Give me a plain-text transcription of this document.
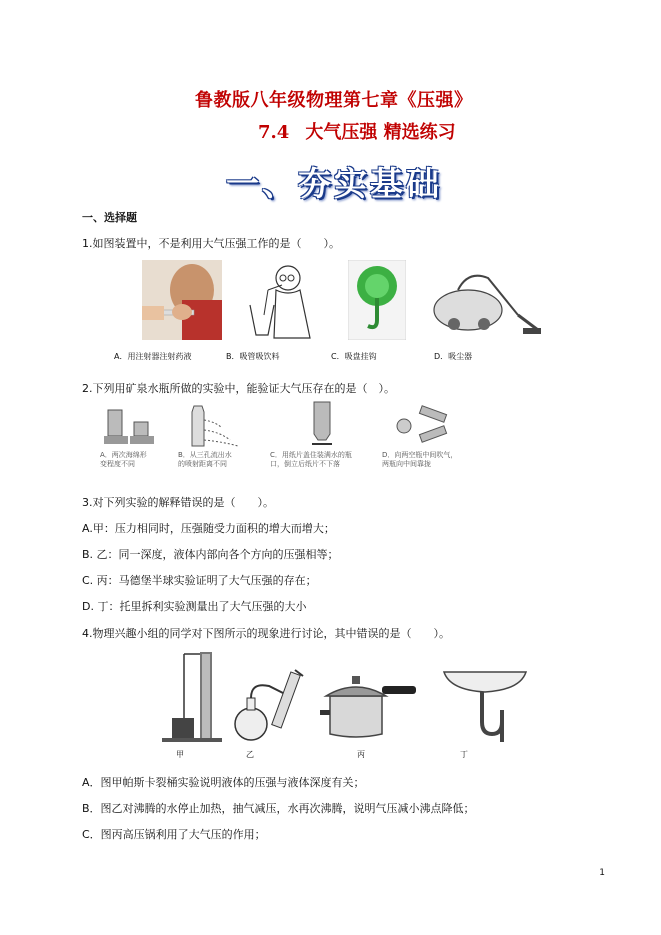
鲁教版八年级物理第七章《压强》
7.4 大气压强 精选练习
一、夯实基础
一、选择题
1.如图装置中，不是利用大气压强工作的是（　　）。
A．用注射器注射药液	B．吸管吸饮料	C．吸盘挂钩	D．吸尘器
2.下列用矿泉水瓶所做的实验中，能验证大气压存在的是（　）。
A．两次海绵形
变程度不同
B．从三孔流出水
的喷射距离不同
C．用纸片盖住装满水的瓶
口，倒立后纸片不下落
D．向两空瓶中间吹气，
两瓶向中间靠拢
3.对下列实验的解释错误的是（　　）。
A.甲：压力相同时，压强随受力面积的增大而增大；
B. 乙：同一深度，液体内部向各个方向的压强相等；
C. 丙：马德堡半球实验证明了大气压强的存在；
D. 丁：托里拆利实验测量出了大气压强的大小
4.物理兴趣小组的同学对下图所示的现象进行讨论，其中错误的是（　　）。
甲	乙	丙	丁
A．图甲帕斯卡裂桶实验说明液体的压强与液体深度有关；
B．图乙对沸腾的水停止加热，抽气减压，水再次沸腾，说明气压减小沸点降低；
C．图丙高压锅利用了大气压的作用；
1
